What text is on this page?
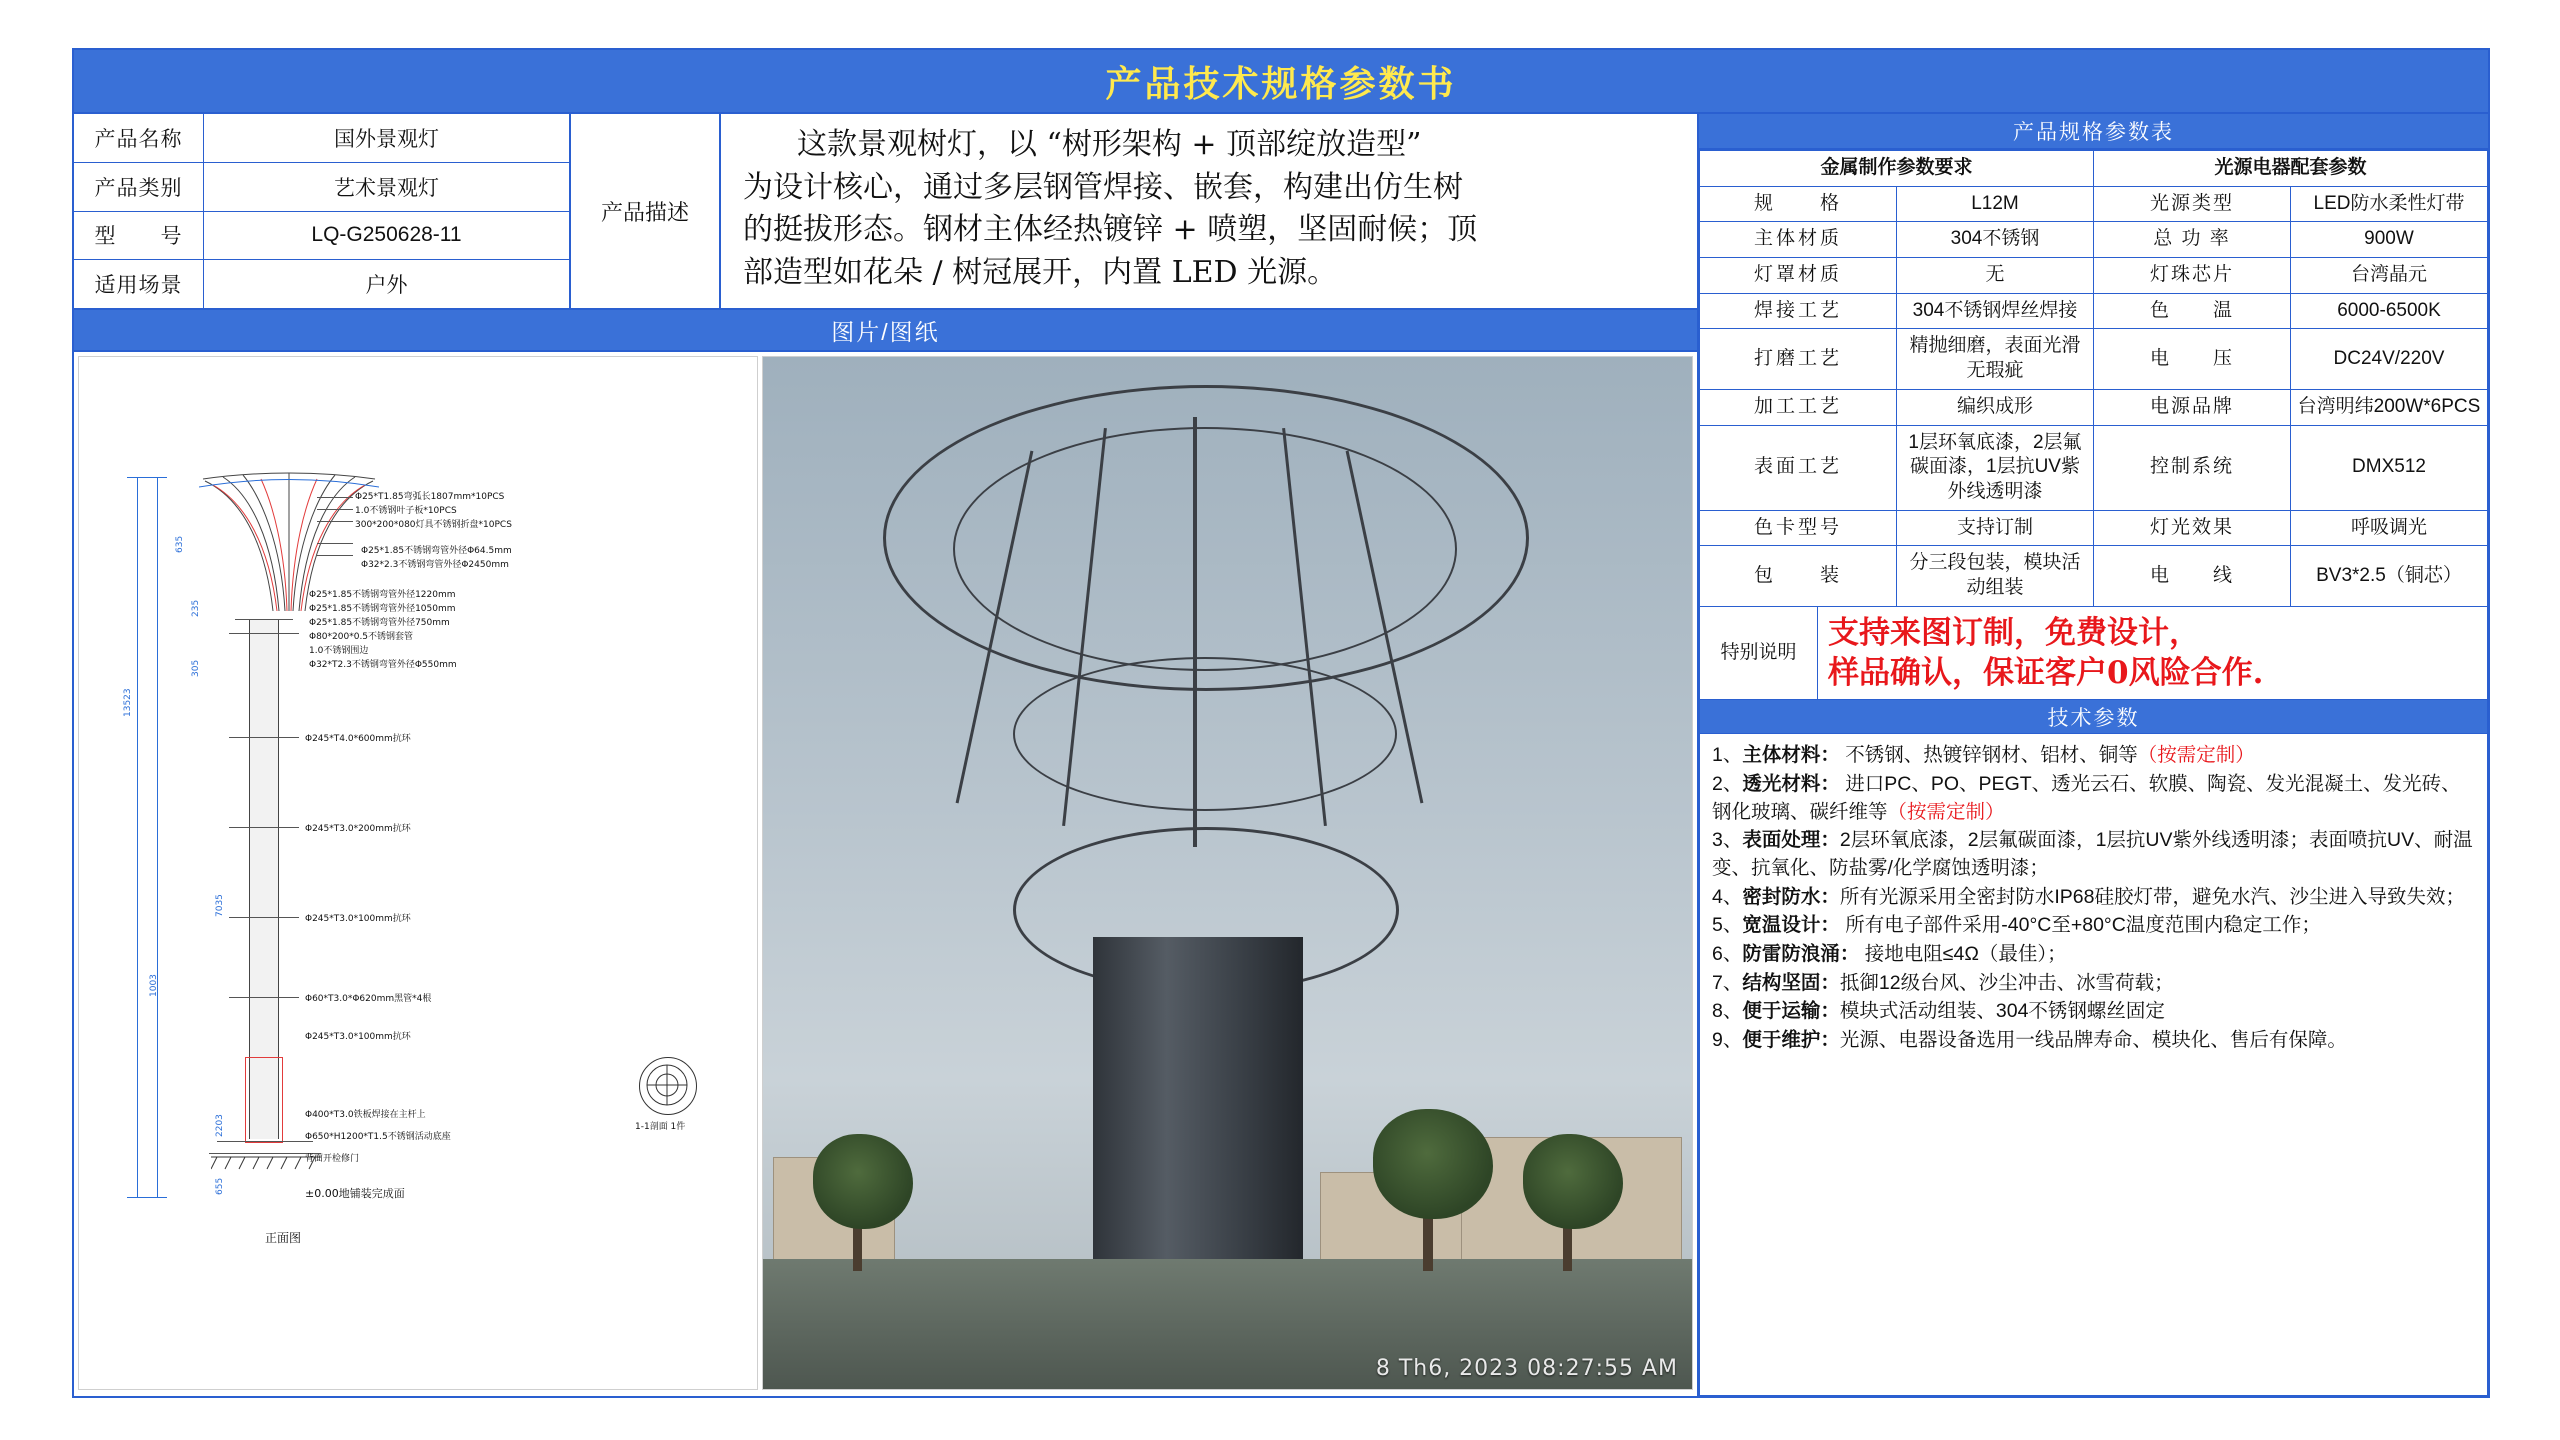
产品技术规格参数书
产品名称	国外景观灯
产品类别	艺术景观灯
型　　号	LQ-G250628-11
适用场景	户外
产品描述

这款景观树灯，以 “树形架构 + 顶部绽放造型”

为设计核心，通过多层钢管焊接、嵌套，构建出仿生树

的挺拔形态。钢材主体经热镀锌 + 喷塑，坚固耐候；顶

部造型如花朵 / 树冠展开，内置 LED 光源。

图片/图纸
Φ25*T1.85弯弧长1807mm*10PCS
1.0不锈钢叶子板*10PCS
300*200*080灯具不锈钢折盘*10PCS
Φ25*1.85不锈钢弯管外径Φ64.5mm
Φ32*2.3不锈钢弯管外径Φ2450mm
Φ25*1.85不锈钢弯管外径1220mm
Φ25*1.85不锈钢弯管外径1050mm
Φ25*1.85不锈钢弯管外径750mm
Φ80*200*0.5不锈钢套管
1.0不锈钢围边
Φ32*T2.3不锈钢弯管外径Φ550mm
Φ245*T4.0*600mm抗环
Φ245*T3.0*200mm抗环
Φ245*T3.0*100mm抗环
Φ60*T3.0*Φ620mm黑管*4根
Φ245*T3.0*100mm抗环
Φ400*T3.0铁板焊接在主杆上
Φ650*H1200*T1.5不锈钢活动底座
背面开检修门
±0.00地铺装完成面
13523
635
235
305
1003
7035
2203
655
1-1剖面 1件
正面图
8 Th6, 2023 08:27:55 AM
产品规格参数表
金属制作参数要求		光源电器配套参数	
规　　格	L12M	光源类型	LED防水柔性灯带
主体材质	304不锈钢	总 功 率	900W
灯罩材质	无	灯珠芯片	台湾晶元
焊接工艺	304不锈钢焊丝焊接	色　　温	6000-6500K
打磨工艺	精抛细磨，表面光滑无瑕疵	电　　压	DC24V/220V
加工工艺	编织成形	电源品牌	台湾明纬200W*6PCS
表面工艺	1层环氧底漆，2层氟碳面漆，1层抗UV紫外线透明漆	控制系统	DMX512
色卡型号	支持订制	灯光效果	呼吸调光
包　　装	分三段包装，模块活动组装	电　　线	BV3*2.5（铜芯）
特别说明
支持来图订制，免费设计，
样品确认，保证客户0风险合作.
技术参数

1、主体材料： 不锈钢、热镀锌钢材、铝材、铜等（按需定制）

2、透光材料： 进口PC、PO、PEGT、透光云石、软膜、陶瓷、发光混凝土、发光砖、钢化玻璃、碳纤维等（按需定制）

3、表面处理：2层环氧底漆，2层氟碳面漆，1层抗UV紫外线透明漆；表面喷抗UV、耐温变、抗氧化、防盐雾/化学腐蚀透明漆；

4、密封防水：所有光源采用全密封防水IP68硅胶灯带，避免水汽、沙尘进入导致失效；

5、宽温设计： 所有电子部件采用-40°C至+80°C温度范围内稳定工作；

6、防雷防浪涌： 接地电阻≤4Ω（最佳）；

7、结构坚固：抵御12级台风、沙尘冲击、冰雪荷载；

8、便于运输：模块式活动组装、304不锈钢螺丝固定

9、便于维护：光源、电器设备选用一线品牌寿命、模块化、售后有保障。
